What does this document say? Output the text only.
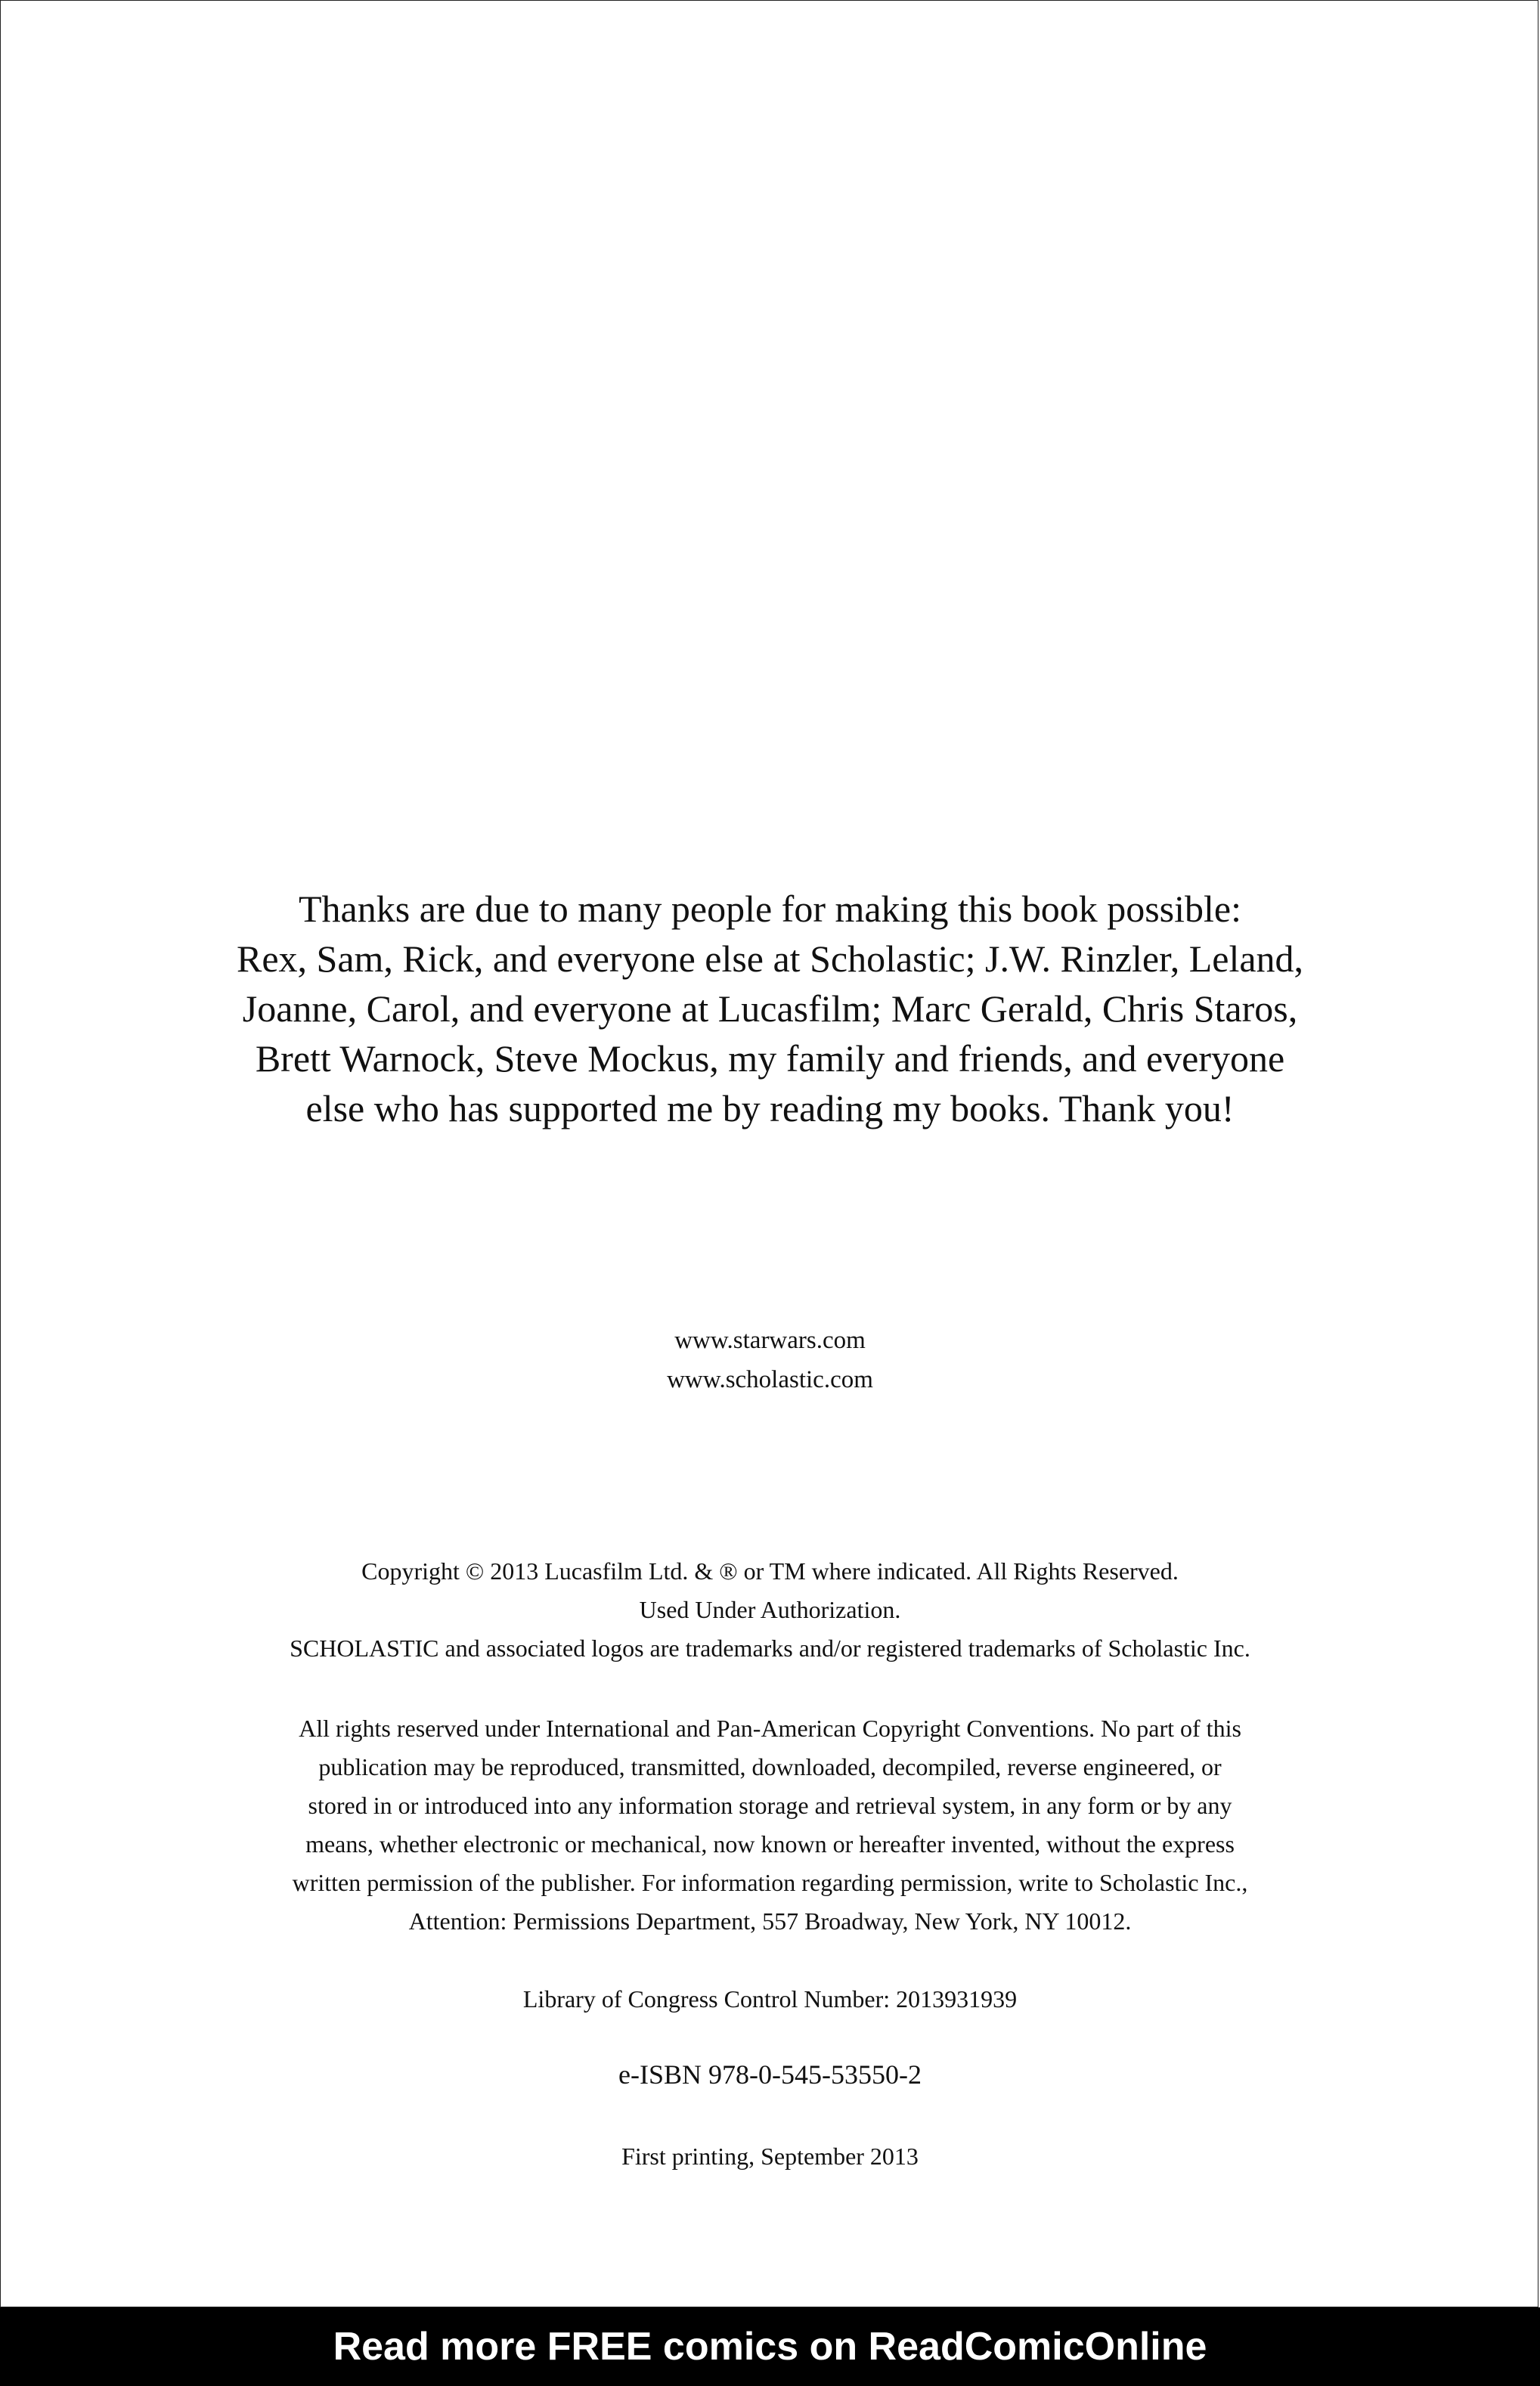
Thanks are due to many people for making this book possible:
Rex, Sam, Rick, and everyone else at Scholastic; J.W. Rinzler, Leland,
Joanne, Carol, and everyone at Lucasfilm; Marc Gerald, Chris Staros,
Brett Warnock, Steve Mockus, my family and friends, and everyone
else who has supported me by reading my books. Thank you!
www.starwars.com
www.scholastic.com
Copyright © 2013 Lucasfilm Ltd. & ® or TM where indicated. All Rights Reserved.
Used Under Authorization.
SCHOLASTIC and associated logos are trademarks and/or registered trademarks of Scholastic Inc.
All rights reserved under International and Pan-American Copyright Conventions. No part of this
publication may be reproduced, transmitted, downloaded, decompiled, reverse engineered, or
stored in or introduced into any information storage and retrieval system, in any form or by any
means, whether electronic or mechanical, now known or hereafter invented, without the express
written permission of the publisher. For information regarding permission, write to Scholastic Inc.,
Attention: Permissions Department, 557 Broadway, New York, NY 10012.
Library of Congress Control Number: 2013931939
e-ISBN 978-0-545-53550-2
First printing, September 2013
Read more FREE comics on ReadComicOnline
